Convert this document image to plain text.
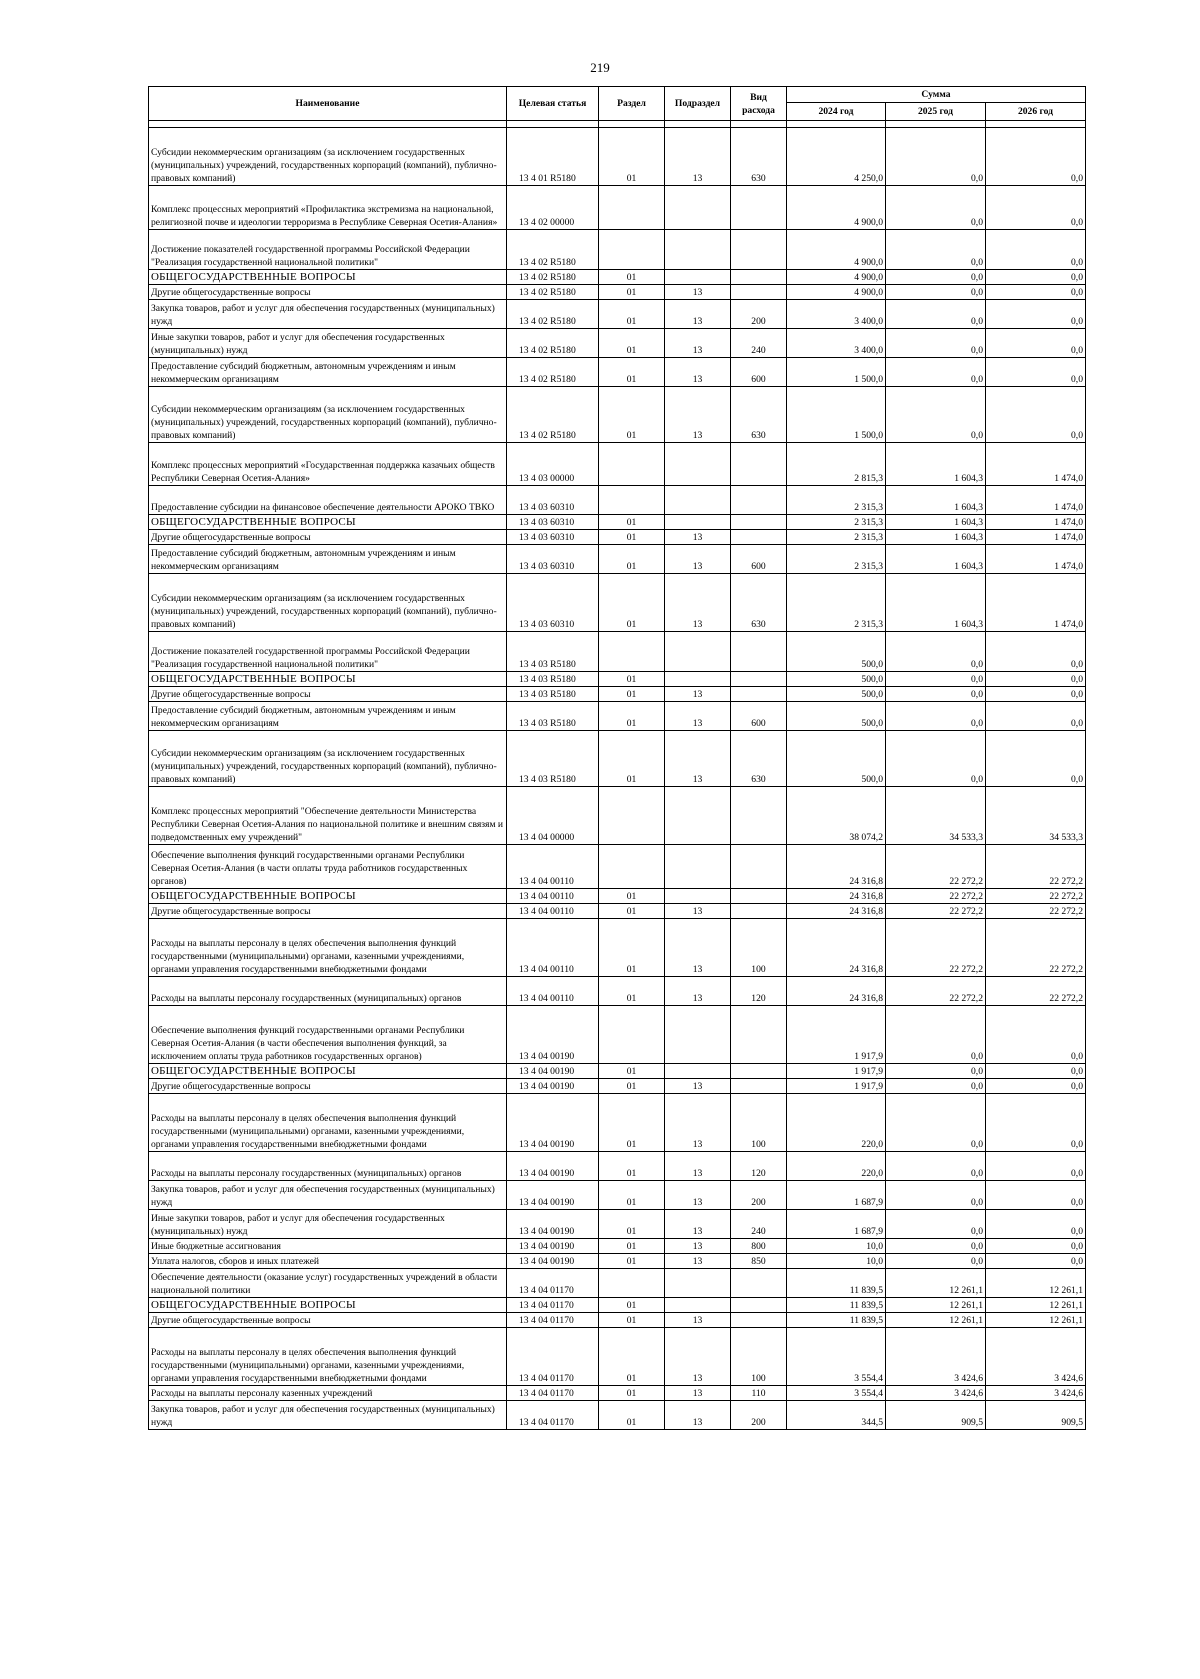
219
Наименование	Целевая статья	Раздел	Подраздел	Вид расхода	Сумма		
					2024 год	2025 год	2026 год

Субсидии некоммерческим организациям (за исключением государственных (муниципальных) учреждений, государственных корпораций (компаний), публично-правовых компаний)	13 4 01 R5180	01	13	630	4 250,0	0,0	0,0
Комплекс процессных мероприятий «Профилактика экстремизма на национальной, религиозной почве и идеологии терроризма в Республике Северная Осетия-Алания»	13 4 02 00000				4 900,0	0,0	0,0
Достижение показателей государственной программы Российской Федерации "Реализация государственной национальной политики"	13 4 02 R5180				4 900,0	0,0	0,0
ОБЩЕГОСУДАРСТВЕННЫЕ ВОПРОСЫ	13 4 02 R5180	01			4 900,0	0,0	0,0
Другие общегосударственные вопросы	13 4 02 R5180	01	13		4 900,0	0,0	0,0
Закупка товаров, работ и услуг для обеспечения государственных (муниципальных) нужд	13 4 02 R5180	01	13	200	3 400,0	0,0	0,0
Иные закупки товаров, работ и услуг для обеспечения государственных (муниципальных) нужд	13 4 02 R5180	01	13	240	3 400,0	0,0	0,0
Предоставление субсидий бюджетным, автономным учреждениям и иным некоммерческим организациям	13 4 02 R5180	01	13	600	1 500,0	0,0	0,0
Субсидии некоммерческим организациям (за исключением государственных (муниципальных) учреждений, государственных корпораций (компаний), публично-правовых компаний)	13 4 02 R5180	01	13	630	1 500,0	0,0	0,0
Комплекс процессных мероприятий «Государственная поддержка казачьих обществ Республики Северная Осетия-Алания»	13 4 03 00000				2 815,3	1 604,3	1 474,0
Предоставление субсидии на финансовое обеспечение деятельности АРОКО ТВКО	13 4 03 60310				2 315,3	1 604,3	1 474,0
ОБЩЕГОСУДАРСТВЕННЫЕ ВОПРОСЫ	13 4 03 60310	01			2 315,3	1 604,3	1 474,0
Другие общегосударственные вопросы	13 4 03 60310	01	13		2 315,3	1 604,3	1 474,0
Предоставление субсидий бюджетным, автономным учреждениям и иным некоммерческим организациям	13 4 03 60310	01	13	600	2 315,3	1 604,3	1 474,0
Субсидии некоммерческим организациям (за исключением государственных (муниципальных) учреждений, государственных корпораций (компаний), публично-правовых компаний)	13 4 03 60310	01	13	630	2 315,3	1 604,3	1 474,0
Достижение показателей государственной программы Российской Федерации "Реализация государственной национальной политики"	13 4 03 R5180				500,0	0,0	0,0
ОБЩЕГОСУДАРСТВЕННЫЕ ВОПРОСЫ	13 4 03 R5180	01			500,0	0,0	0,0
Другие общегосударственные вопросы	13 4 03 R5180	01	13		500,0	0,0	0,0
Предоставление субсидий бюджетным, автономным учреждениям и иным некоммерческим организациям	13 4 03 R5180	01	13	600	500,0	0,0	0,0
Субсидии некоммерческим организациям (за исключением государственных (муниципальных) учреждений, государственных корпораций (компаний), публично-правовых компаний)	13 4 03 R5180	01	13	630	500,0	0,0	0,0
Комплекс процессных мероприятий "Обеспечение деятельности Министерства Республики Северная Осетия-Алания по национальной политике и внешним связям и подведомственных ему учреждений"	13 4 04 00000				38 074,2	34 533,3	34 533,3
Обеспечение выполнения функций государственными органами Республики Северная Осетия-Алания (в части оплаты труда работников государственных органов)	13 4 04 00110				24 316,8	22 272,2	22 272,2
ОБЩЕГОСУДАРСТВЕННЫЕ ВОПРОСЫ	13 4 04 00110	01			24 316,8	22 272,2	22 272,2
Другие общегосударственные вопросы	13 4 04 00110	01	13		24 316,8	22 272,2	22 272,2
Расходы на выплаты персоналу в целях обеспечения выполнения функций государственными (муниципальными) органами, казенными учреждениями, органами управления государственными внебюджетными фондами	13 4 04 00110	01	13	100	24 316,8	22 272,2	22 272,2
Расходы на выплаты персоналу государственных (муниципальных) органов	13 4 04 00110	01	13	120	24 316,8	22 272,2	22 272,2
Обеспечение выполнения функций государственными органами Республики Северная Осетия-Алания (в части обеспечения выполнения функций, за исключением оплаты труда работников государственных органов)	13 4 04 00190				1 917,9	0,0	0,0
ОБЩЕГОСУДАРСТВЕННЫЕ ВОПРОСЫ	13 4 04 00190	01			1 917,9	0,0	0,0
Другие общегосударственные вопросы	13 4 04 00190	01	13		1 917,9	0,0	0,0
Расходы на выплаты персоналу в целях обеспечения выполнения функций государственными (муниципальными) органами, казенными учреждениями, органами управления государственными внебюджетными фондами	13 4 04 00190	01	13	100	220,0	0,0	0,0
Расходы на выплаты персоналу государственных (муниципальных) органов	13 4 04 00190	01	13	120	220,0	0,0	0,0
Закупка товаров, работ и услуг для обеспечения государственных (муниципальных) нужд	13 4 04 00190	01	13	200	1 687,9	0,0	0,0
Иные закупки товаров, работ и услуг для обеспечения государственных (муниципальных) нужд	13 4 04 00190	01	13	240	1 687,9	0,0	0,0
Иные бюджетные ассигнования	13 4 04 00190	01	13	800	10,0	0,0	0,0
Уплата налогов, сборов и иных платежей	13 4 04 00190	01	13	850	10,0	0,0	0,0
Обеспечение деятельности (оказание услуг) государственных учреждений в области национальной политики	13 4 04 01170				11 839,5	12 261,1	12 261,1
ОБЩЕГОСУДАРСТВЕННЫЕ ВОПРОСЫ	13 4 04 01170	01			11 839,5	12 261,1	12 261,1
Другие общегосударственные вопросы	13 4 04 01170	01	13		11 839,5	12 261,1	12 261,1
Расходы на выплаты персоналу в целях обеспечения выполнения функций государственными (муниципальными) органами, казенными учреждениями, органами управления государственными внебюджетными фондами	13 4 04 01170	01	13	100	3 554,4	3 424,6	3 424,6
Расходы на выплаты персоналу казенных учреждений	13 4 04 01170	01	13	110	3 554,4	3 424,6	3 424,6
Закупка товаров, работ и услуг для обеспечения государственных (муниципальных) нужд	13 4 04 01170	01	13	200	344,5	909,5	909,5
